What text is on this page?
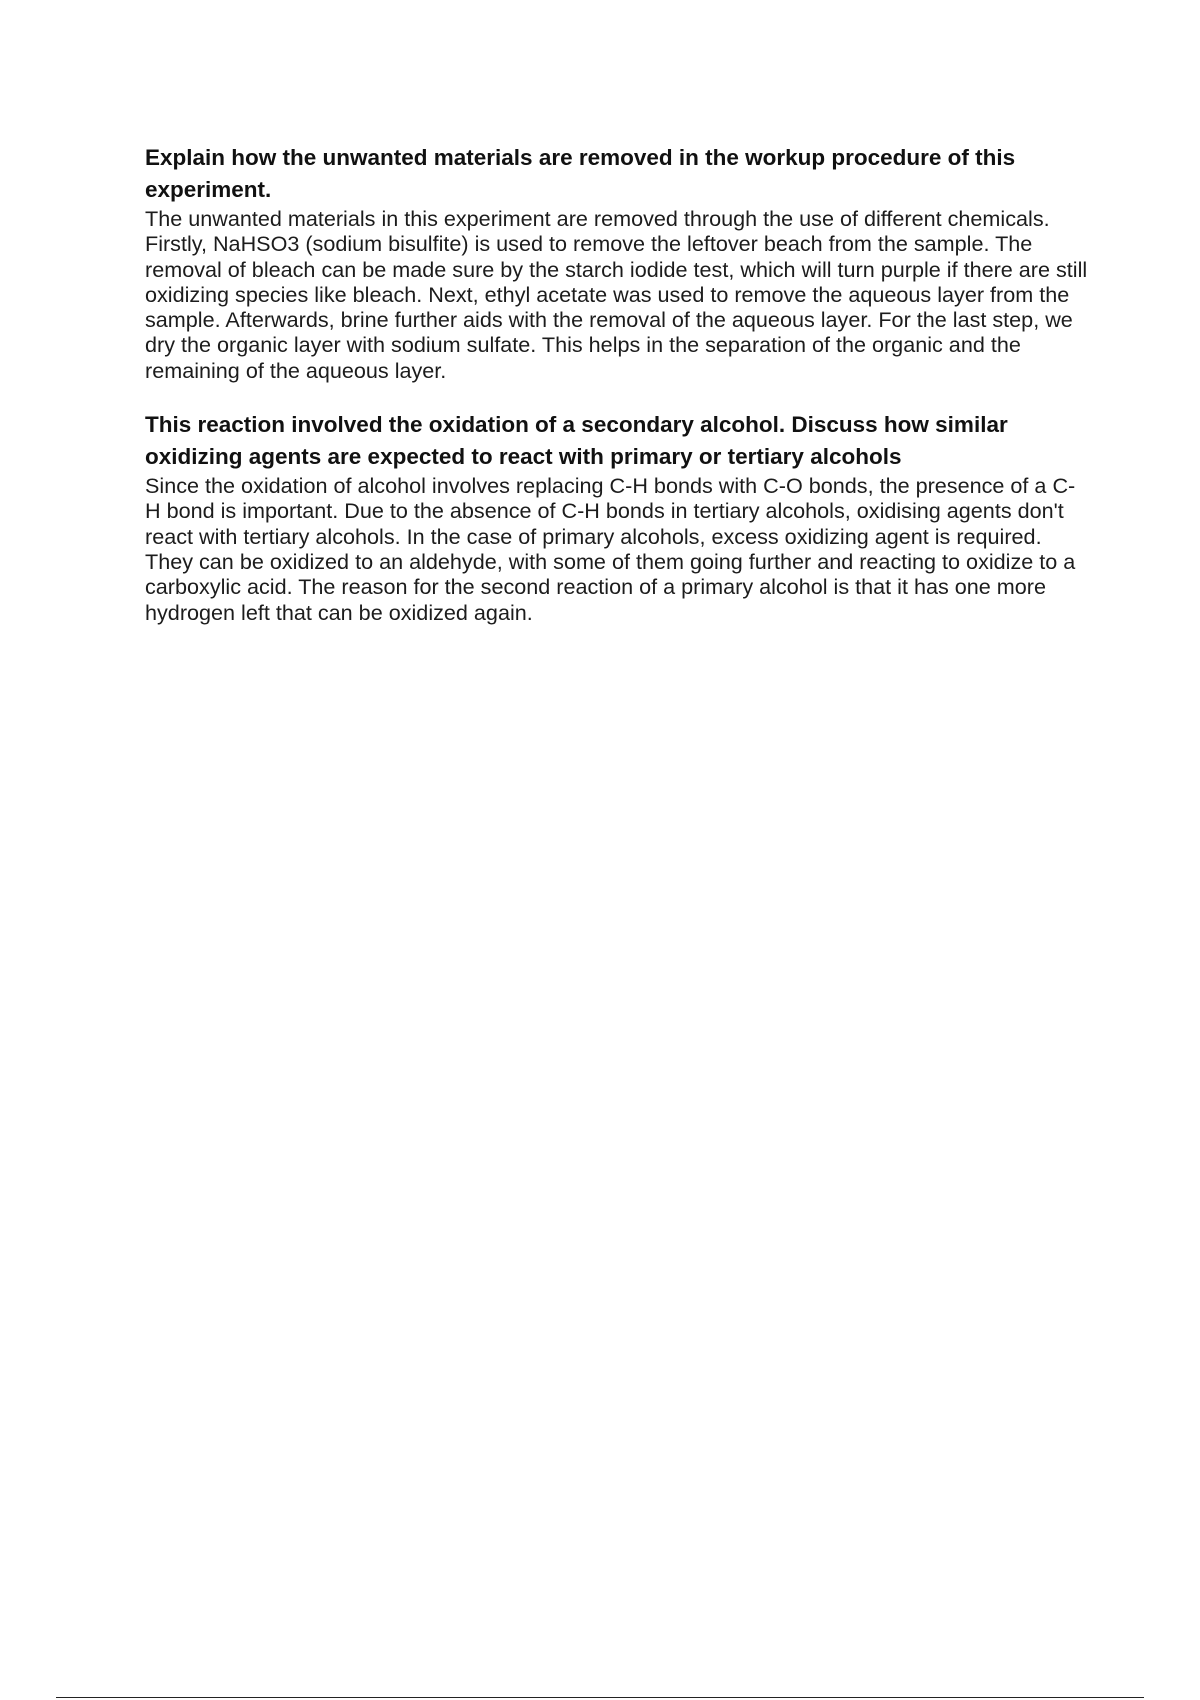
Explain how the unwanted materials are removed in the workup procedure of this experiment.

The unwanted materials in this experiment are removed through the use of different chemicals. Firstly, NaHSO3 (sodium bisulfite) is used to remove the leftover beach from the sample. The removal of bleach can be made sure by the starch iodide test, which will turn purple if there are still oxidizing species like bleach. Next, ethyl acetate was used to remove the aqueous layer from the sample. Afterwards, brine further aids with the removal of the aqueous layer. For the last step, we dry the organic layer with sodium sulfate. This helps in the separation of the organic and the remaining of the aqueous layer.

This reaction involved the oxidation of a secondary alcohol. Discuss how similar oxidizing agents are expected to react with primary or tertiary alcohols

Since the oxidation of alcohol involves replacing C-H bonds with C-O bonds, the presence of a C-H bond is important. Due to the absence of C-H bonds in tertiary alcohols, oxidising agents don't react with tertiary alcohols. In the case of primary alcohols, excess oxidizing agent is required. They can be oxidized to an aldehyde, with some of them going further and reacting to oxidize to a carboxylic acid. The reason for the second reaction of a primary alcohol is that it has one more hydrogen left that can be oxidized again.
